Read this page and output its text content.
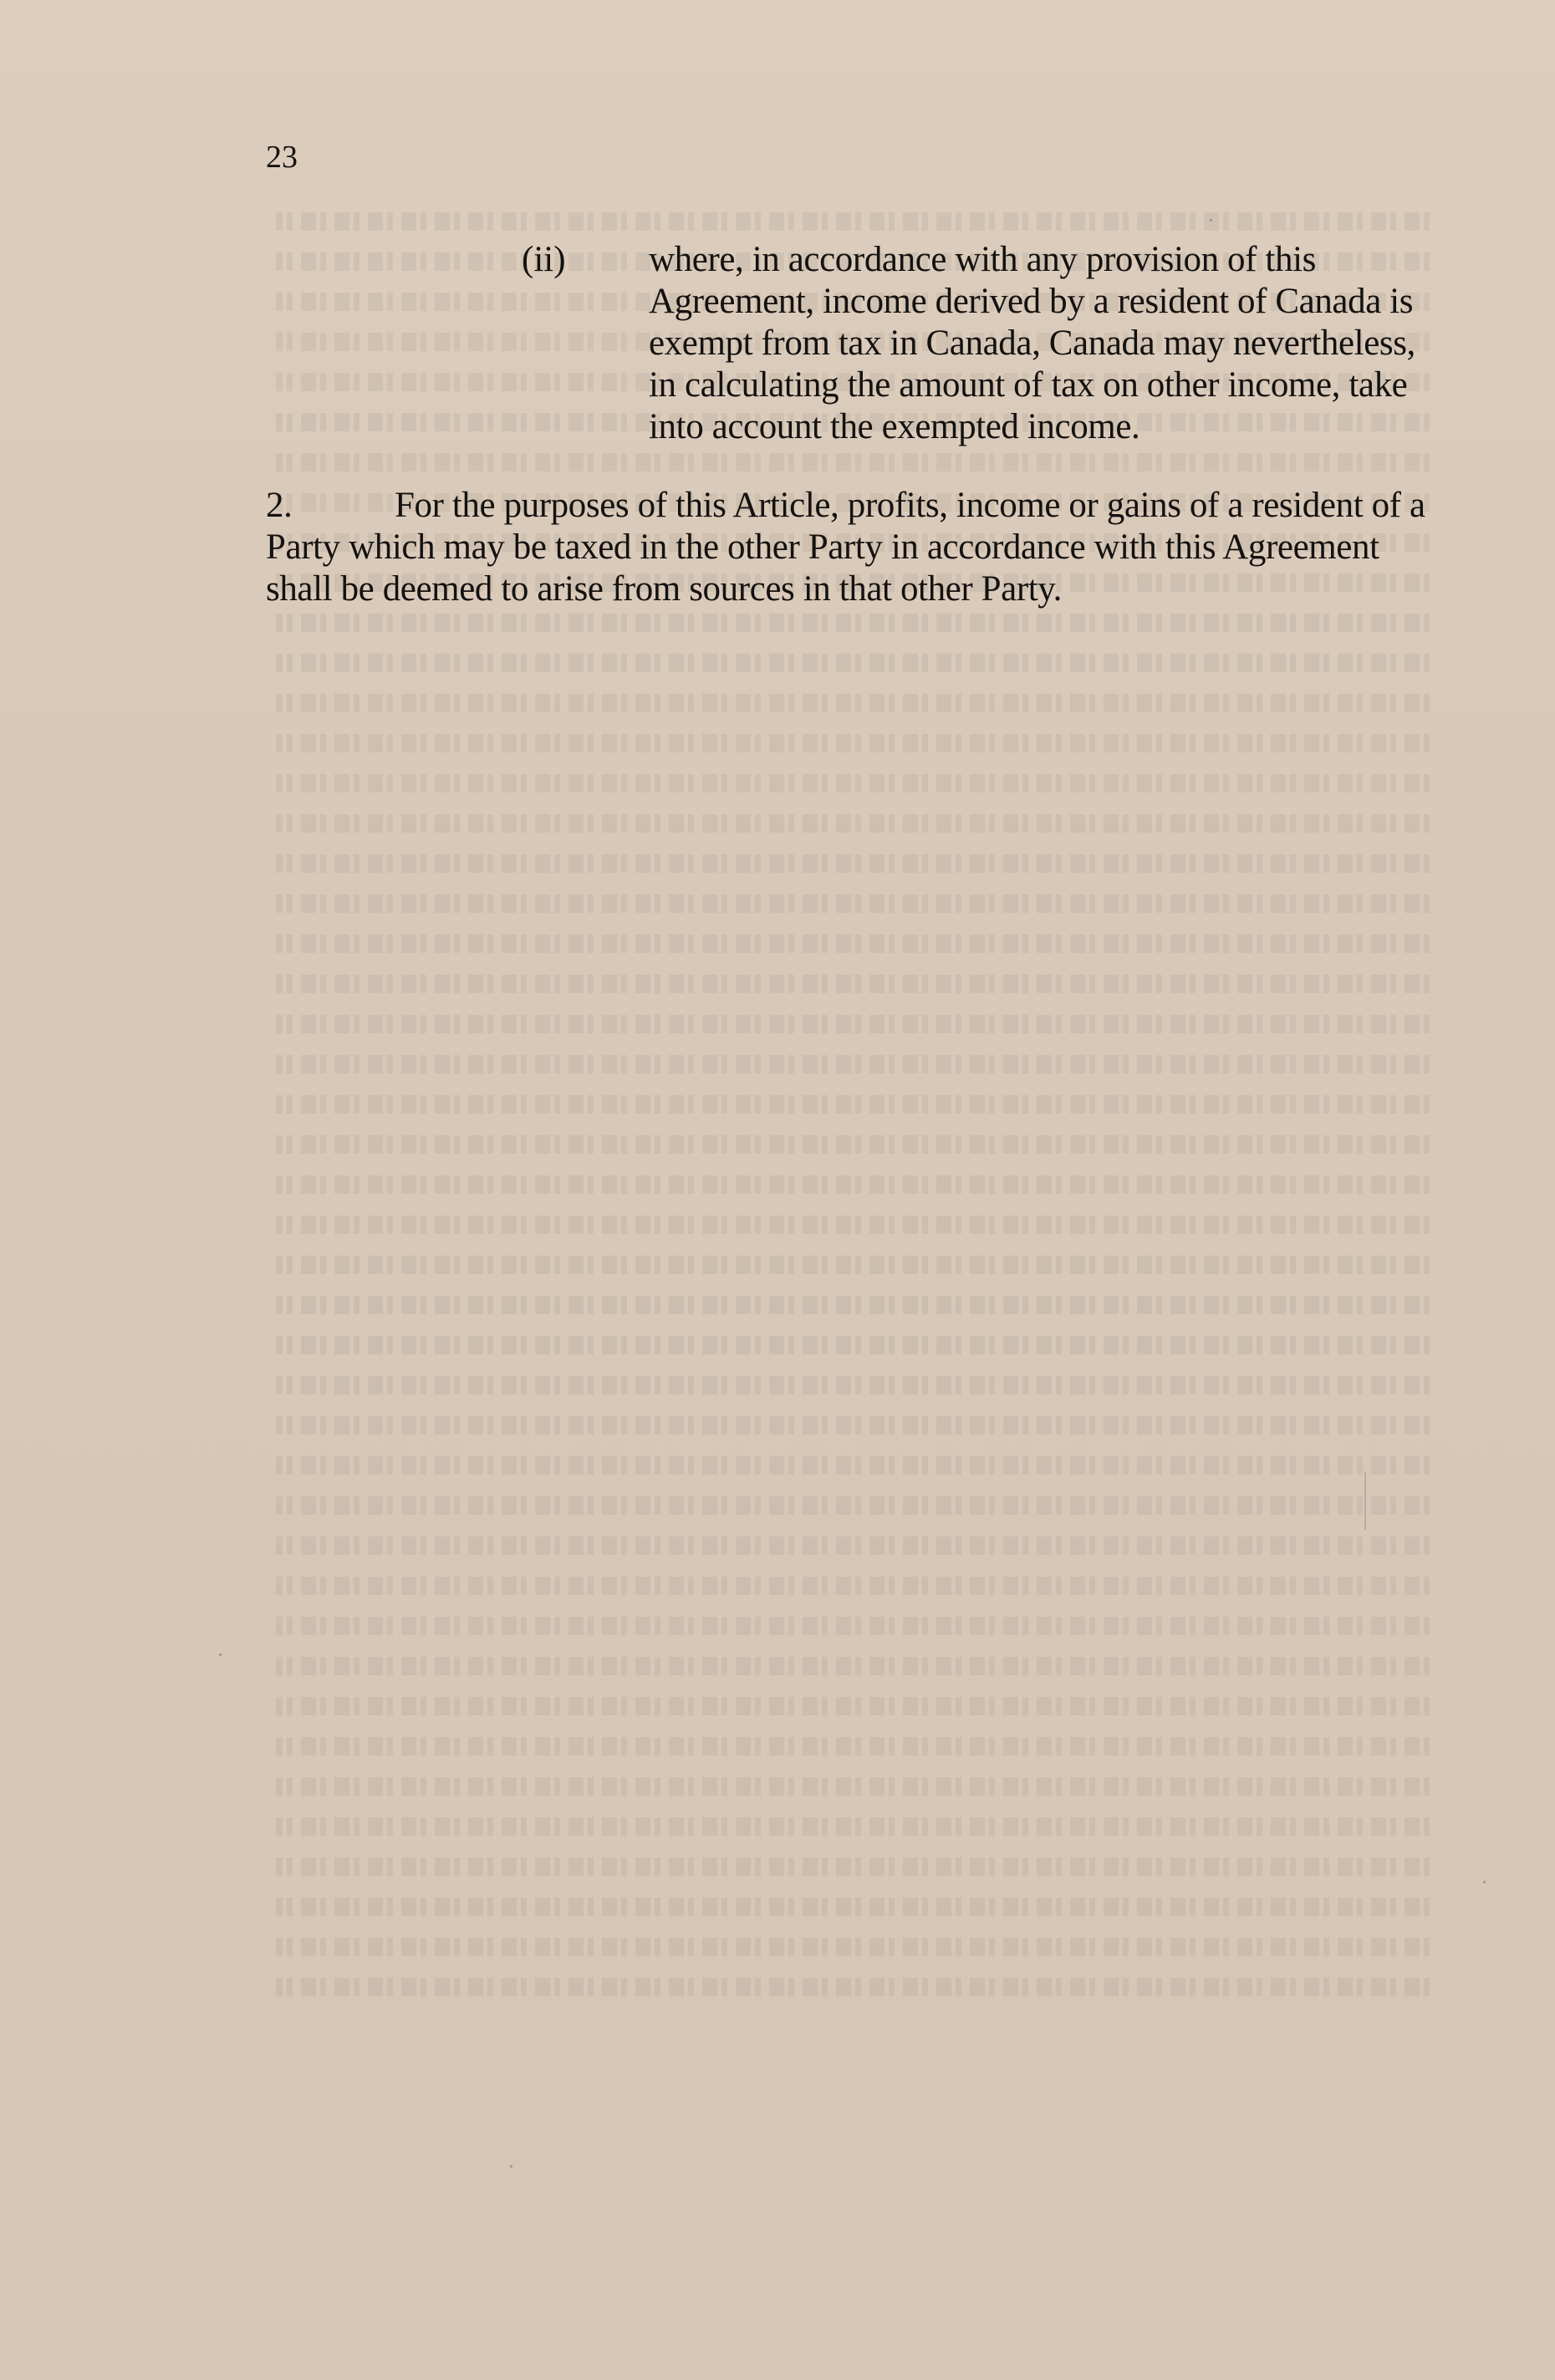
23
(ii) where, in accordance with any provision of this Agreement, income derived by a resident of Canada is exempt from tax in Canada, Canada may nevertheless, in calculating the amount of tax on other income, take into account the exempted income.
2.	For the purposes of this Article, profits, income or gains of a resident of a Party which may be taxed in the other Party in accordance with this Agreement shall be deemed to arise from sources in that other Party.
